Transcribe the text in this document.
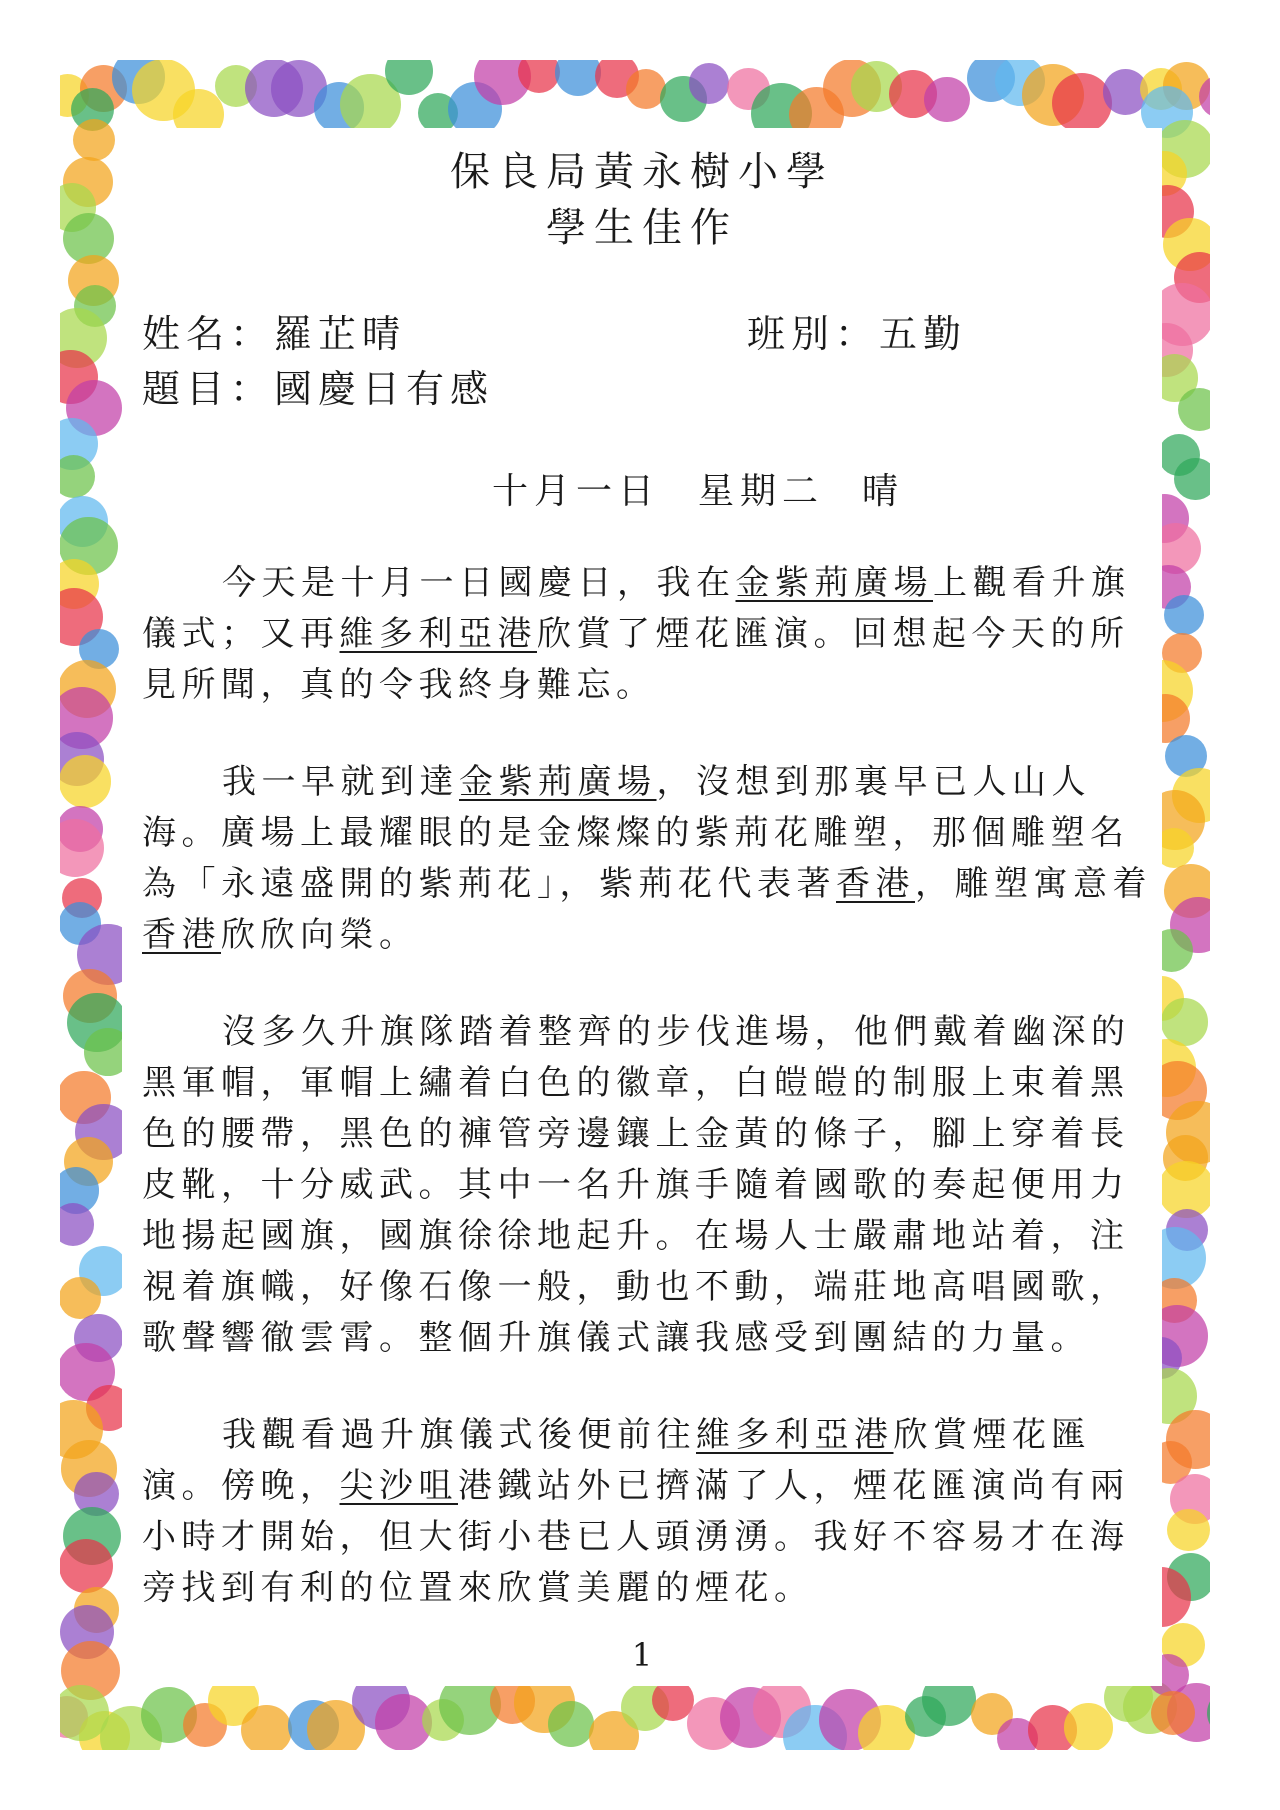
保良局黃永樹小學
學生佳作
姓名：羅芷晴	班別：五勤
題目：國慶日有感
十月一日 星期二 晴

今天是十月一日國慶日，我在金紫荊廣場上觀看升旗儀式；又再維多利亞港欣賞了煙花匯演。回想起今天的所見所聞，真的令我終身難忘。

我一早就到達金紫荊廣場，沒想到那裏早已人山人海。廣場上最耀眼的是金燦燦的紫荊花雕塑，那個雕塑名為「永遠盛開的紫荊花」，紫荊花代表著香港，雕塑寓意着香港欣欣向榮。

沒多久升旗隊踏着整齊的步伐進場，他們戴着幽深的黑軍帽，軍帽上繡着白色的徽章，白皚皚的制服上束着黑色的腰帶，黑色的褲管旁邊鑲上金黃的條子，腳上穿着長皮靴，十分威武。其中一名升旗手隨着國歌的奏起便用力地揚起國旗，國旗徐徐地起升。在場人士嚴肅地站着，注視着旗幟，好像石像一般，動也不動，端莊地高唱國歌，歌聲響徹雲霄。整個升旗儀式讓我感受到團結的力量。

我觀看過升旗儀式後便前往維多利亞港欣賞煙花匯演。傍晚，尖沙咀港鐵站外已擠滿了人，煙花匯演尚有兩小時才開始，但大街小巷已人頭湧湧。我好不容易才在海旁找到有利的位置來欣賞美麗的煙花。

1
